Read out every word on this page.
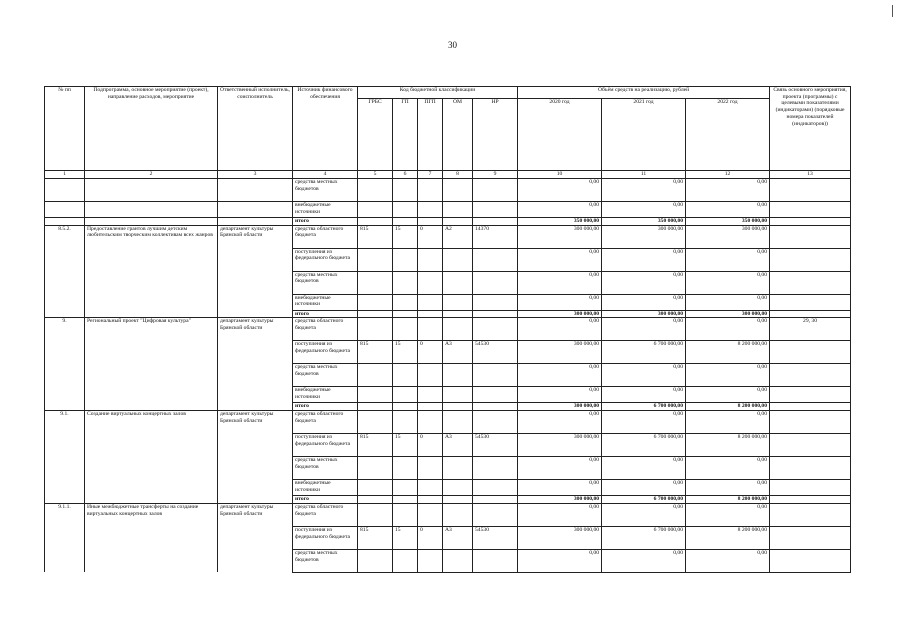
30
№ пп	Подпрограмма, основное мероприятие (проект), направление расходов, мероприятие	Ответственный исполнитель, соисполнитель	Источник финансового обеспечения	Код бюджетной классификации					Объём средств на реализацию, рублей			Связь основного мероприятия, проекта (программы) с целевыми показателями (индикаторами) (порядковые номера показателей (индикаторов))
				ГРБС	ГП	ПГП	ОМ	НР	2020 год	2021 год	2022 год	
1	2	3	4	5	6	7	8	9	10	11	12	13
			средства местных бюджетов						0,00	0,00	0,00	
			внебюджетные источники						0,00	0,00	0,00	
			итого						350 000,00	350 000,00	350 000,00	
8.5.2.	Предоставление грантов лучшим детским любительским творческим коллективам всех жанров	департамент культуры Брянской области	средства областного бюджета	815	15	0	А2	14370	300 000,00	300 000,00	300 000,00	
			поступления из федерального бюджета						0,00	0,00	0,00	
			средства местных бюджетов						0,00	0,00	0,00	
			внебюджетные источники						0,00	0,00	0,00	
			итого						300 000,00	300 000,00	300 000,00	
9.	Региональный проект "Цифровая культура"	департамент культуры Брянской области	средства областного бюджета						0,00	0,00	0,00	29, 30
			поступления из федерального бюджета	815	15	0	А3	54530	300 000,00	6 700 000,00	8 200 000,00	
			средства местных бюджетов						0,00	0,00	0,00	
			внебюджетные источники						0,00	0,00	0,00	
			итого						300 000,00	6 700 000,00	8 200 000,00	
9.1.	Создание виртуальных концертных залов	департамент культуры Брянской области	средства областного бюджета						0,00	0,00	0,00	
			поступления из федерального бюджета	815	15	0	А3	54530	300 000,00	6 700 000,00	8 200 000,00	
			средства местных бюджетов						0,00	0,00	0,00	
			внебюджетные источники						0,00	0,00	0,00	
			итого						300 000,00	6 700 000,00	8 200 000,00	
9.1.1.	Иные межбюджетные трансферты на создание виртуальных концертных залов	департамент культуры Брянской области	средства областного бюджета						0,00	0,00	0,00	
			поступления из федерального бюджета	815	15	0	А3	54530	300 000,00	6 700 000,00	8 200 000,00	
			средства местных бюджетов						0,00	0,00	0,00	
